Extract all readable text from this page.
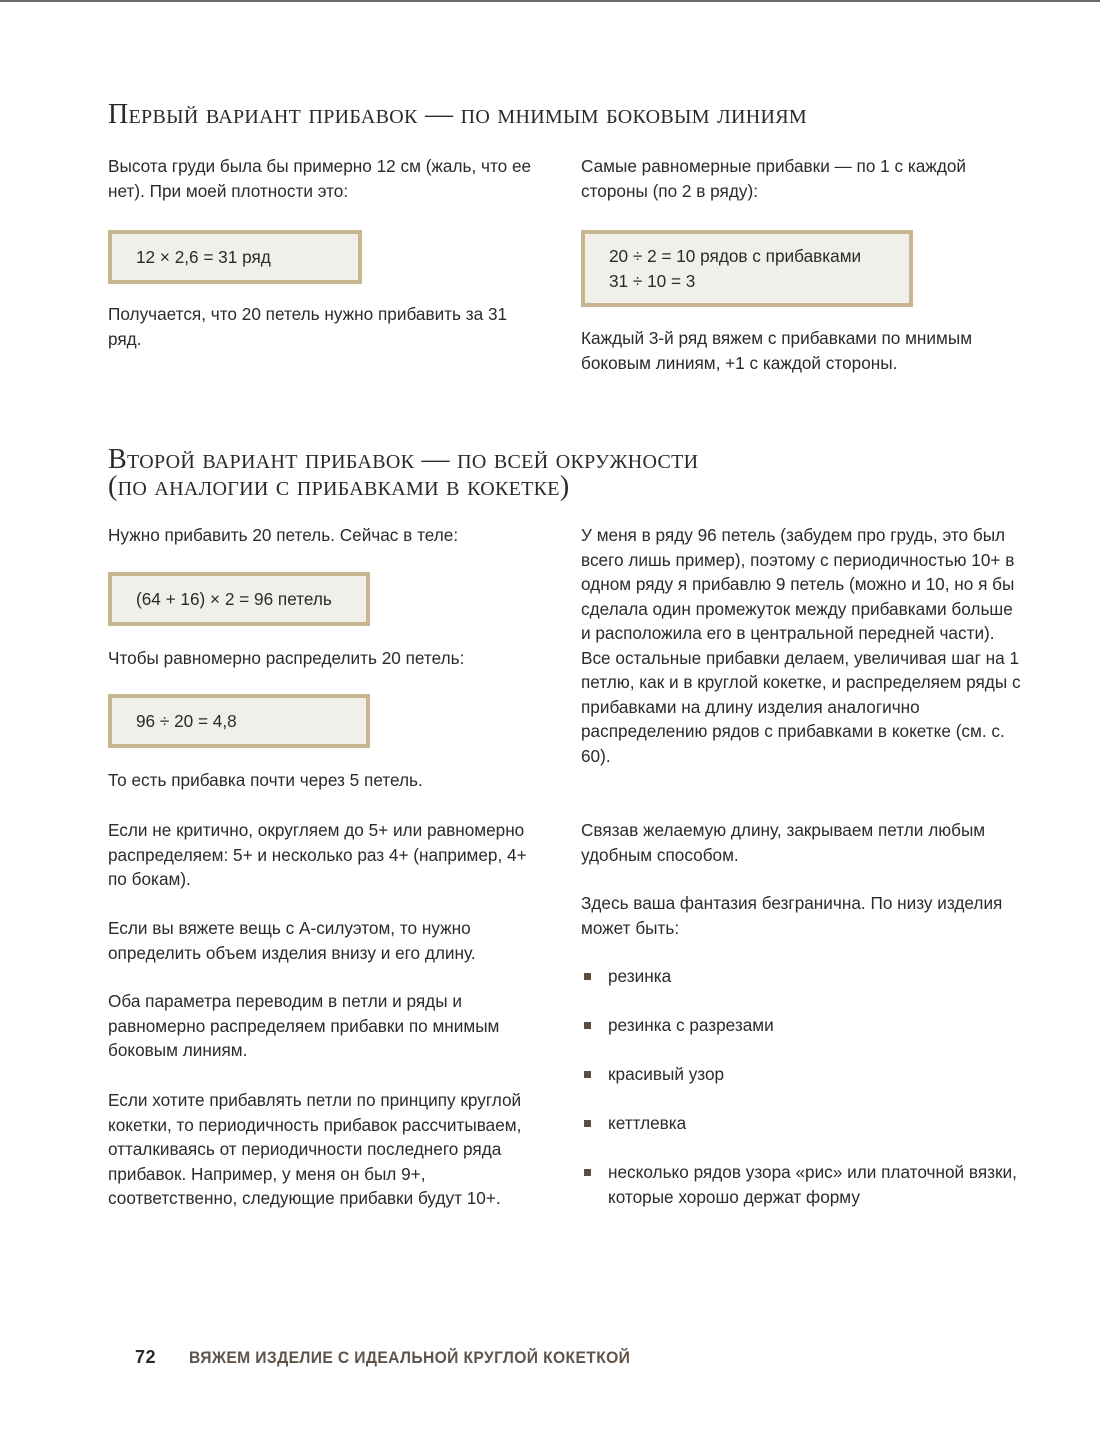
Первый вариант прибавок — по мнимым боковым линиям

Высота груди была бы примерно 12 см (жаль, что ее нет). При моей плотности это:

12 × 2,6 = 31 ряд

Получается, что 20 петель нужно прибавить за 31 ряд.

Самые равномерные прибавки — по 1 с каждой стороны (по 2 в ряду):

20 ÷ 2 = 10 рядов с прибавками
31 ÷ 10 = 3

Каждый 3-й ряд вяжем с прибавками по мнимым боковым линиям, +1 с каждой стороны.

Второй вариант прибавок — по всей окружности
(по аналогии с прибавками в кокетке)

Нужно прибавить 20 петель. Сейчас в теле:

(64 + 16) × 2 = 96 петель

Чтобы равномерно распределить 20 петель:

96 ÷ 20 = 4,8

То есть прибавка почти через 5 петель.

Если не критично, округляем до 5+ или равномерно распределяем: 5+ и несколько раз 4+ (например, 4+ по бокам).

Если вы вяжете вещь с А-силуэтом, то нужно определить объем изделия внизу и его длину.

Оба параметра переводим в петли и ряды и равномерно распределяем прибавки по мнимым боковым линиям.

Если хотите прибавлять петли по принципу круглой кокетки, то периодичность прибавок рассчитываем, отталкиваясь от периодичности последнего ряда прибавок. Например, у меня он был 9+, соответственно, следующие прибавки будут 10+.

У меня в ряду 96 петель (забудем про грудь, это был всего лишь пример), поэтому с периодичностью 10+ в одном ряду я прибавлю 9 петель (можно и 10, но я бы сделала один промежуток между прибавками больше и расположила его в центральной передней части). Все остальные прибавки делаем, увеличивая шаг на 1 петлю, как и в круглой кокетке, и распределяем ряды с прибавками на длину изделия аналогично распределению рядов с прибавками в кокетке (см. с. 60).

Связав желаемую длину, закрываем петли любым удобным способом.

Здесь ваша фантазия безгранична. По низу изделия может быть:

резинка
резинка с разрезами
красивый узор
кеттлевка
несколько рядов узора «рис» или платочной вязки, которые хорошо держат форму
72	ВЯЖЕМ ИЗДЕЛИЕ С ИДЕАЛЬНОЙ КРУГЛОЙ КОКЕТКОЙ
